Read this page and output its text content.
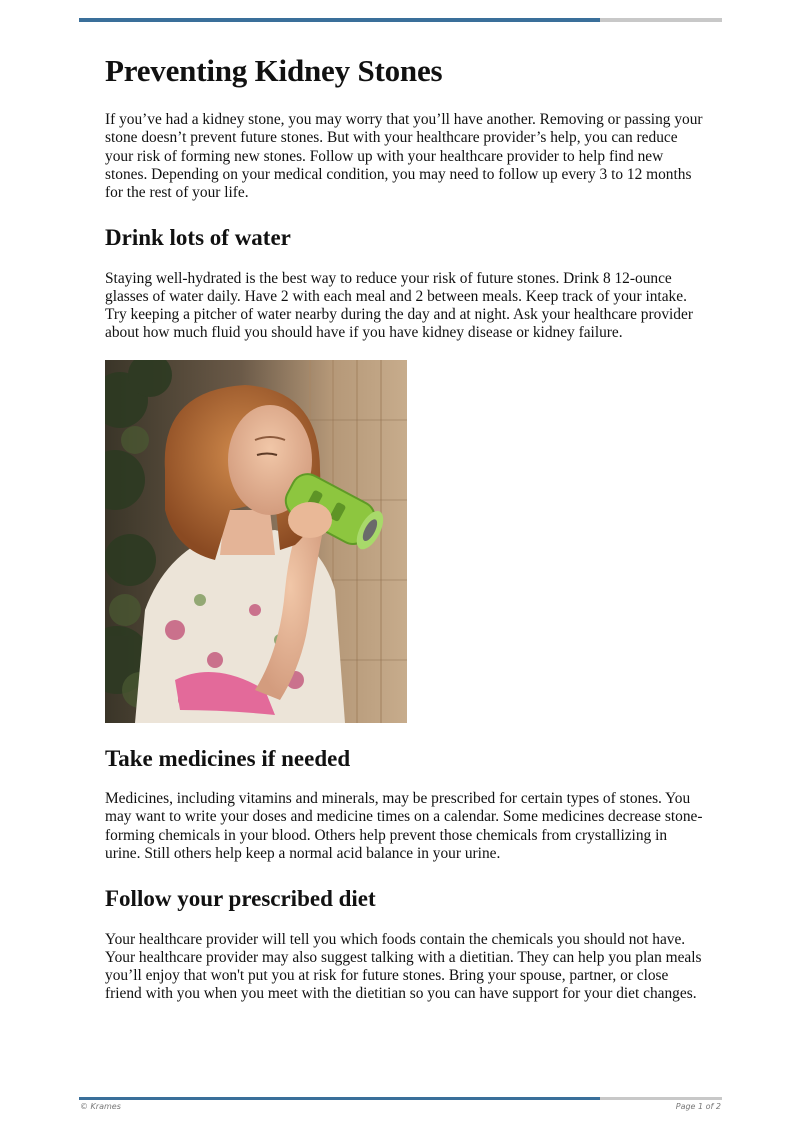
Preventing Kidney Stones

If you’ve had a kidney stone, you may worry that you’ll have another. Removing or passing your stone doesn’t prevent future stones. But with your healthcare provider’s help, you can reduce your risk of forming new stones. Follow up with your healthcare provider to help find new stones. Depending on your medical condition, you may need to follow up every 3 to 12 months for the rest of your life.

Drink lots of water

Staying well-hydrated is the best way to reduce your risk of future stones. Drink 8 12-ounce glasses of water daily. Have 2 with each meal and 2 between meals. Keep track of your intake. Try keeping a pitcher of water nearby during the day and at night. Ask your healthcare provider about how much fluid you should have if you have kidney disease or kidney failure.

Take medicines if needed

Medicines, including vitamins and minerals, may be prescribed for certain types of stones. You may want to write your doses and medicine times on a calendar. Some medicines decrease stone-forming chemicals in your blood. Others help prevent those chemicals from crystallizing in urine. Still others help keep a normal acid balance in your urine.

Follow your prescribed diet

Your healthcare provider will tell you which foods contain the chemicals you should not have. Your healthcare provider may also suggest talking with a dietitian. They can help you plan meals you’ll enjoy that won't put you at risk for future stones. Bring your spouse, partner, or close friend with you when you meet with the dietitian so you can have support for your diet changes.

© Krames	Page 1 of 2
